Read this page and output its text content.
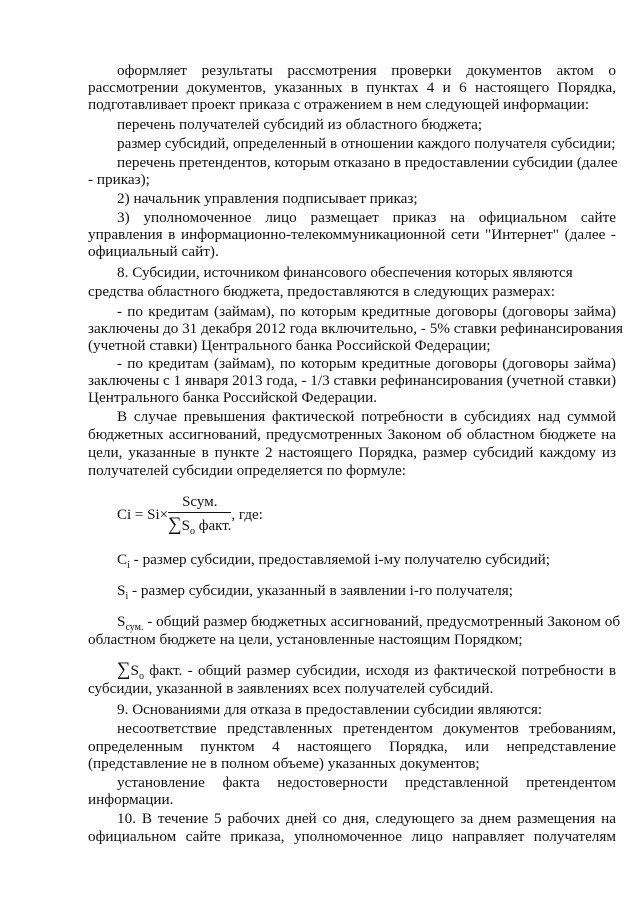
оформляет результаты рассмотрения проверки документов актом о
рассмотрении документов, указанных в пунктах 4 и 6 настоящего Порядка,
подготавливает проект приказа с отражением в нем следующей информации:
перечень получателей субсидий из областного бюджета;
размер субсидий, определенный в отношении каждого получателя субсидии;
перечень претендентов, которым отказано в предоставлении субсидии (далее
- приказ);
2) начальник управления подписывает приказ;
3) уполномоченное лицо размещает приказ на официальном сайте
управления в информационно-телекоммуникационной сети "Интернет" (далее -
официальный сайт).
8. Субсидии, источником финансового обеспечения которых являются
средства областного бюджета, предоставляются в следующих размерах:
- по кредитам (займам), по которым кредитные договоры (договоры займа)
заключены до 31 декабря 2012 года включительно, - 5% ставки рефинансирования
(учетной ставки) Центрального банка Российской Федерации;
- по кредитам (займам), по которым кредитные договоры (договоры займа)
заключены с 1 января 2013 года, - 1/3 ставки рефинансирования (учетной ставки)
Центрального банка Российской Федерации.
В случае превышения фактической потребности в субсидиях над суммой
бюджетных ассигнований, предусмотренных Законом об областном бюджете на
цели, указанные в пункте 2 настоящего Порядка, размер субсидий каждому из
получателей субсидии определяется по формуле:
$Ci = Si\times \frac{\text{Sсум.}}{\sum S_o факт.}$ , где:
$C_i$ - размер субсидии, предоставляемой i-му получателю субсидий;
$S_i$ - размер субсидии, указанный в заявлении i-го получателя;
$S_{сум.}$ - общий размер бюджетных ассигнований, предусмотренный Законом об
областном бюджете на цели, установленные настоящим Порядком;
$\sum S_o$ факт. - общий размер субсидии, исходя из фактической потребности в
субсидии, указанной в заявлениях всех получателей субсидий.
9. Основаниями для отказа в предоставлении субсидии являются:
несоответствие представленных претендентом документов требованиям,
определенным пунктом 4 настоящего Порядка, или непредставление
(представление не в полном объеме) указанных документов;
установление факта недостоверности представленной претендентом
информации.
10. В течение 5 рабочих дней со дня, следующего за днем размещения на
официальном сайте приказа, уполномоченное лицо направляет получателям
